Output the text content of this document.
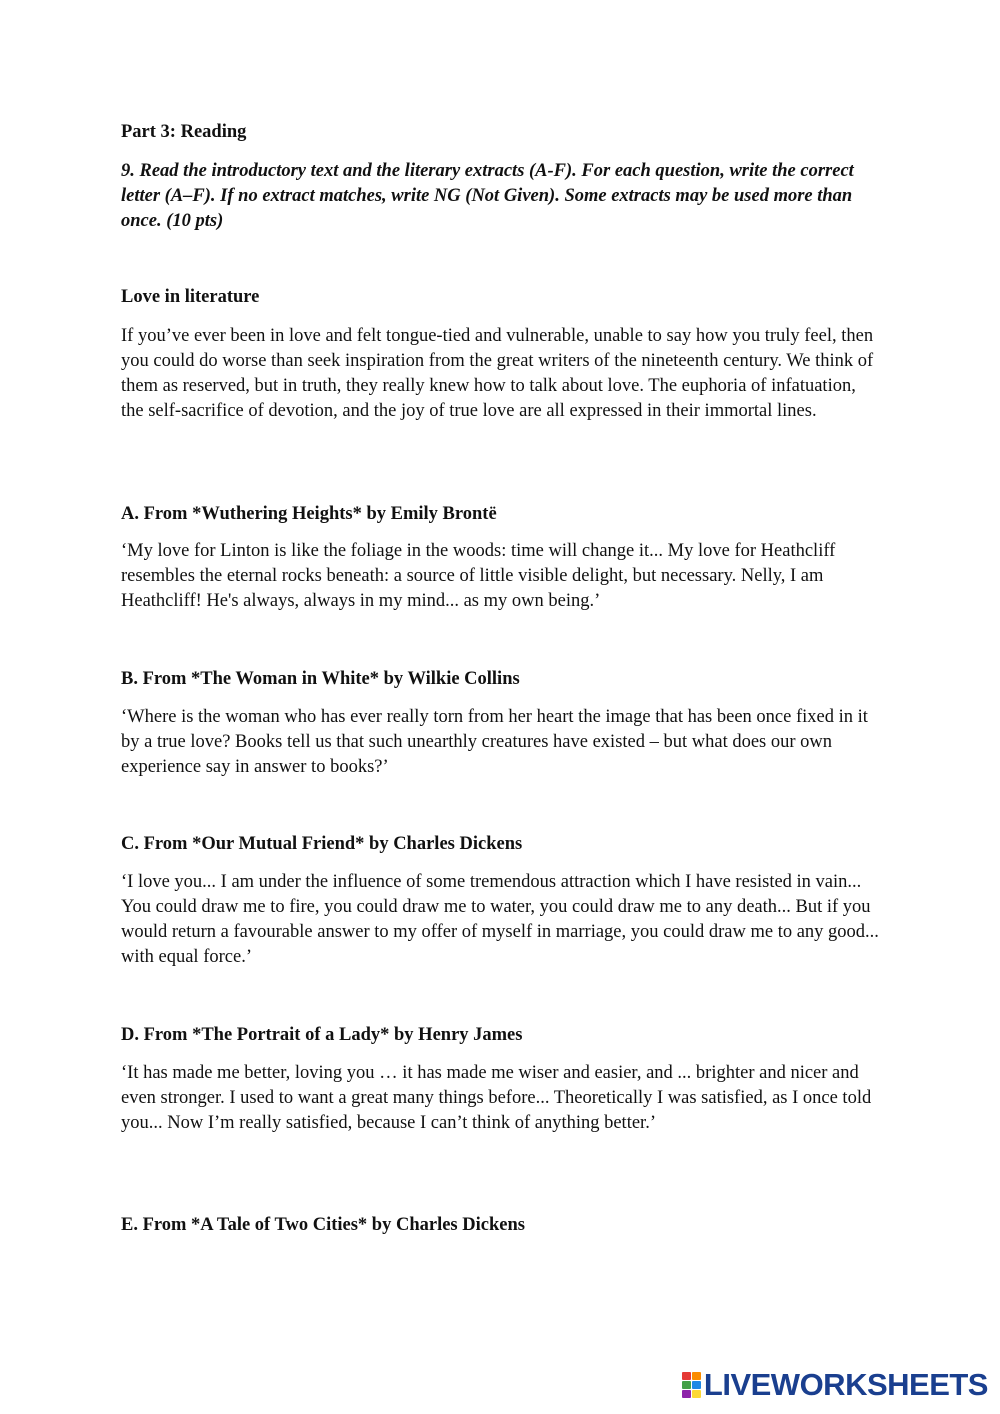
Part 3: Reading

9. Read the introductory text and the literary extracts (A-F). For each question, write the correct letter (A–F). If no extract matches, write NG (Not Given). Some extracts may be used more than once. (10 pts)

Love in literature

If you’ve ever been in love and felt tongue-tied and vulnerable, unable to say how you truly feel, then you could do worse than seek inspiration from the great writers of the nineteenth century. We think of them as reserved, but in truth, they really knew how to talk about love. The euphoria of infatuation, the self-sacrifice of devotion, and the joy of true love are all expressed in their immortal lines.

A. From *Wuthering Heights* by Emily Brontë

‘My love for Linton is like the foliage in the woods: time will change it... My love for Heathcliff resembles the eternal rocks beneath: a source of little visible delight, but necessary. Nelly, I am Heathcliff! He's always, always in my mind... as my own being.’

B. From *The Woman in White* by Wilkie Collins

‘Where is the woman who has ever really torn from her heart the image that has been once fixed in it by a true love? Books tell us that such unearthly creatures have existed – but what does our own experience say in answer to books?’

C. From *Our Mutual Friend* by Charles Dickens

‘I love you... I am under the influence of some tremendous attraction which I have resisted in vain... You could draw me to fire, you could draw me to water, you could draw me to any death... But if you would return a favourable answer to my offer of myself in marriage, you could draw me to any good... with equal force.’

D. From *The Portrait of a Lady* by Henry James

‘It has made me better, loving you … it has made me wiser and easier, and ... brighter and nicer and even stronger. I used to want a great many things before... Theoretically I was satisfied, as I once told you... Now I’m really satisfied, because I can’t think of anything better.’

E. From *A Tale of Two Cities* by Charles Dickens

LIVEWORKSHEETS
